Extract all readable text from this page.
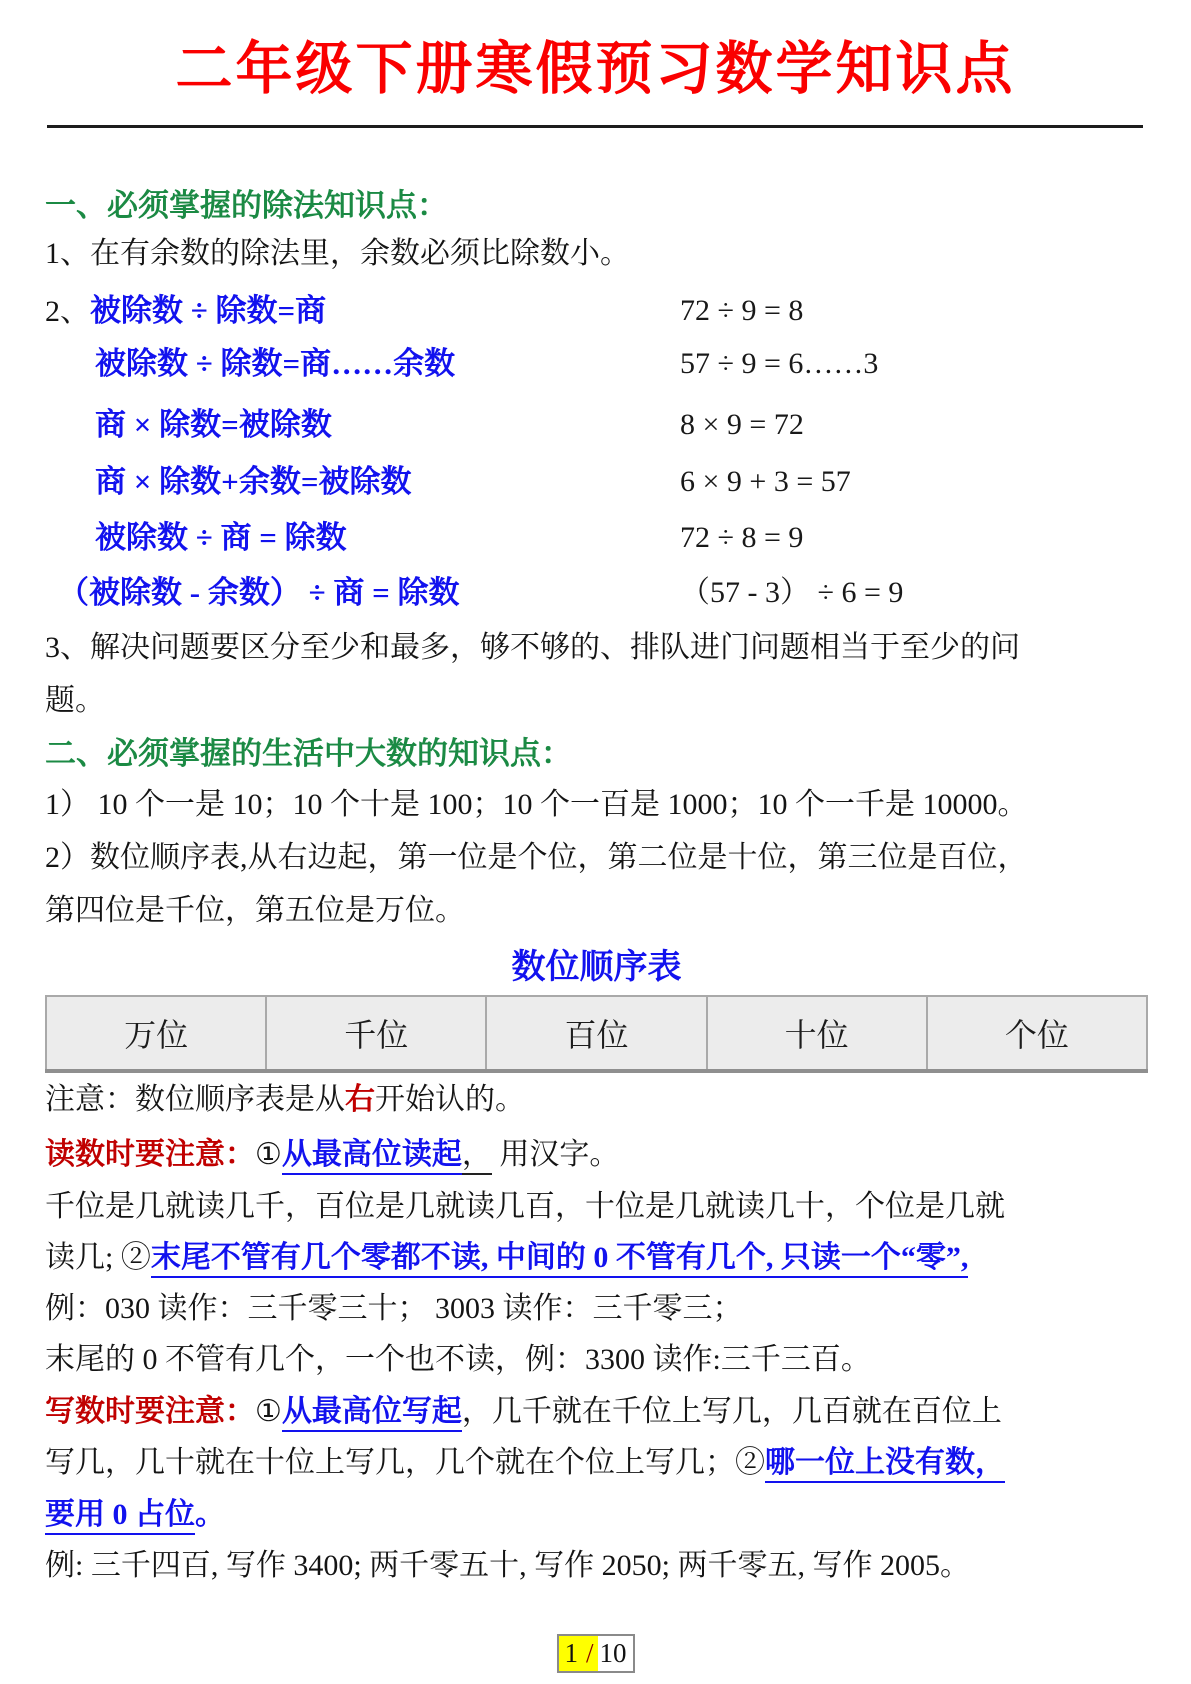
二年级下册寒假预习数学知识点
一、必须掌握的除法知识点：
1、在有余数的除法里，余数必须比除数小。
2、被除数 ÷ 除数=商	72 ÷ 9 = 8
被除数 ÷ 除数=商……余数	57 ÷ 9 = 6……3
商 × 除数=被除数	8 × 9 = 72
商 × 除数+余数=被除数	6 × 9 + 3 = 57
被除数 ÷ 商 = 除数	72 ÷ 8 = 9
（被除数 - 余数） ÷ 商 = 除数	（57 - 3） ÷ 6 = 9
3、解决问题要区分至少和最多，够不够的、排队进门问题相当于至少的问
题。
二、必须掌握的生活中大数的知识点：
1） 10 个一是 10；10 个十是 100；10 个一百是 1000；10 个一千是 10000。
2）数位顺序表,从右边起，第一位是个位，第二位是十位，第三位是百位，
第四位是千位，第五位是万位。
数位顺序表
万位	千位	百位	十位	个位
注意：数位顺序表是从右开始认的。
读数时要注意：①从最高位读起， 用汉字。
千位是几就读几千，百位是几就读几百，十位是几就读几十，个位是几就
读几; ②末尾不管有几个零都不读, 中间的 0 不管有几个, 只读一个“零”,
例：030 读作：三千零三十； 3003 读作：三千零三；
末尾的 0 不管有几个，一个也不读，例：3300 读作:三千三百。
写数时要注意：①从最高位写起，几千就在千位上写几，几百就在百位上
写几，几十就在十位上写几，几个就在个位上写几；②哪一位上没有数，
要用 0 占位。
例: 三千四百, 写作 3400; 两千零五十, 写作 2050; 两千零五, 写作 2005。
1 / 10
